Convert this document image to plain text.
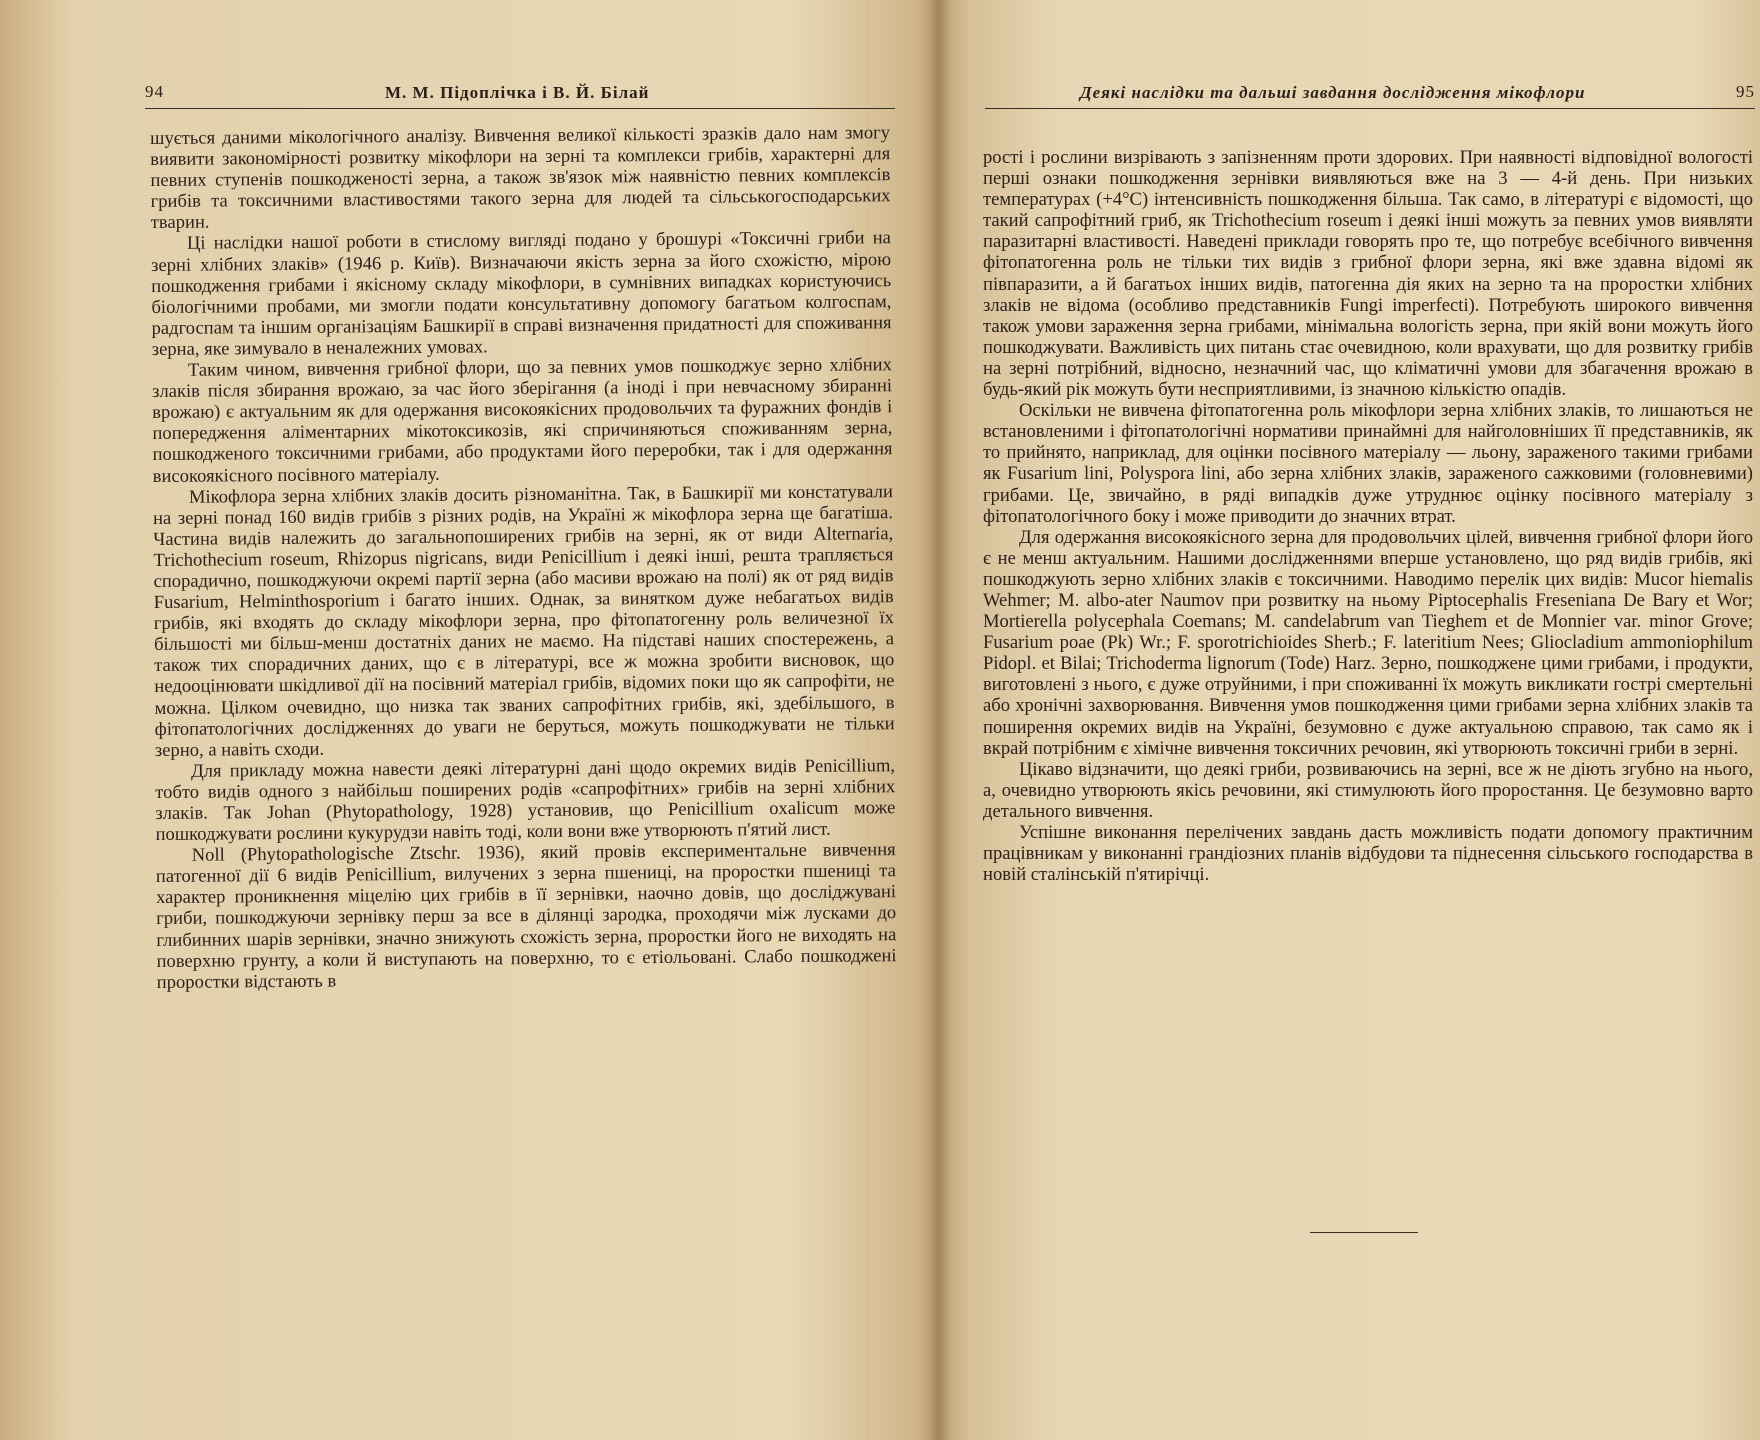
94	М. М. Підоплічка і В. Й. Білай

шується даними мікологічного аналізу. Вивчення великої кількості зразків дало нам змогу виявити закономірності розвитку мікофлори на зерні та комплекси грибів, характерні для певних ступенів пошкодженості зерна, а також зв'язок між наявністю певних комплексів грибів та токсичними властивостями такого зерна для людей та сільськогосподарських тварин.

Ці наслідки нашої роботи в стислому вигляді подано у брошурі «Токсичні гриби на зерні хлібних злаків» (1946 р. Київ). Визначаючи якість зерна за його схожістю, мірою пошкодження грибами і якісному складу мікофлори, в сумнівних випадках користуючись біологічними пробами, ми змогли подати консультативну допомогу багатьом колгоспам, радгоспам та іншим організаціям Башкирії в справі визначення придатності для споживання зерна, яке зимувало в неналежних умовах.

Таким чином, вивчення грибної флори, що за певних умов пошкоджує зерно хлібних злаків після збирання врожаю, за час його зберігання (а іноді і при невчасному збиранні врожаю) є актуальним як для одержання високоякісних продовольчих та фуражних фондів і попередження аліментарних мікотоксикозів, які спричиняються споживанням зерна, пошкодженого токсичними грибами, або продуктами його переробки, так і для одержання високоякісного посівного матеріалу.

Мікофлора зерна хлібних злаків досить різноманітна. Так, в Башкирії ми констатували на зерні понад 160 видів грибів з різних родів, на Україні ж мікофлора зерна ще багатіша. Частина видів належить до загальнопоширених грибів на зерні, як от види Alternaria, Trichothecium roseum, Rhizopus nigricans, види Penicillium і деякі інші, решта трапляється спорадично, пошкоджуючи окремі партії зерна (або масиви врожаю на полі) як от ряд видів Fusarium, Helminthosporium і багато інших. Однак, за винятком дуже небагатьох видів грибів, які входять до складу мікофлори зерна, про фітопатогенну роль величезної їх більшості ми більш-менш достатніх даних не маємо. На підставі наших спостережень, а також тих спорадичних даних, що є в літературі, все ж можна зробити висновок, що недооцінювати шкідливої дії на посівний матеріал грибів, відомих поки що як сапрофіти, не можна. Цілком очевидно, що низка так званих сапрофітних грибів, які, здебільшого, в фітопатологічних дослідженнях до уваги не беруться, можуть пошкоджувати не тільки зерно, а навіть сходи.

Для прикладу можна навести деякі літературні дані щодо окремих видів Penicillium, тобто видів одного з найбільш поширених родів «сапрофітних» грибів на зерні хлібних злаків. Так Johan (Phytopathology, 1928) установив, що Penicillium oxalicum може пошкоджувати рослини кукурудзи навіть тоді, коли вони вже утворюють п'ятий лист.

Noll (Phytopathologische Ztschr. 1936), який провів експериментальне вивчення патогенної дії 6 видів Penicillium, вилучених з зерна пшениці, на проростки пшениці та характер проникнення міцелію цих грибів в її зернівки, наочно довів, що досліджувані гриби, пошкоджуючи зернівку перш за все в ділянці зародка, проходячи між лусками до глибинних шарів зернівки, значно знижують схожість зерна, проростки його не виходять на поверхню грунту, а коли й виступають на поверхню, то є етіольовані. Слабо пошкоджені проростки відстають в

Деякі наслідки та дальші завдання дослідження мікофлори	95

рості і рослини визрівають з запізненням проти здорових. При наявності відповідної вологості перші ознаки пошкодження зернівки виявляються вже на 3 — 4-й день. При низьких температурах (+4°C) інтенсивність пошкодження більша. Так само, в літературі є відомості, що такий сапрофітний гриб, як Trichothecium roseum і деякі інші можуть за певних умов виявляти паразитарні властивості. Наведені приклади говорять про те, що потребує всебічного вивчення фітопатогенна роль не тільки тих видів з грибної флори зерна, які вже здавна відомі як півпаразити, а й багатьох інших видів, патогенна дія яких на зерно та на проростки хлібних злаків не відома (особливо представників Fungi imperfecti). Потребують широкого вивчення також умови зараження зерна грибами, мінімальна вологість зерна, при якій вони можуть його пошкоджувати. Важливість цих питань стає очевидною, коли врахувати, що для розвитку грибів на зерні потрібний, відносно, незначний час, що кліматичні умови для збагачення врожаю в будь-який рік можуть бути несприятливими, із значною кількістю опадів.

Оскільки не вивчена фітопатогенна роль мікофлори зерна хлібних злаків, то лишаються не встановленими і фітопатологічні нормативи принаймні для найголовніших її представників, як то прийнято, наприклад, для оцінки посівного матеріалу — льону, зараженого такими грибами як Fusarium lini, Polyspora lini, або зерна хлібних злаків, зараженого сажковими (головневими) грибами. Це, звичайно, в ряді випадків дуже утруднює оцінку посівного матеріалу з фітопатологічного боку і може приводити до значних втрат.

Для одержання високоякісного зерна для продовольчих цілей, вивчення грибної флори його є не менш актуальним. Нашими дослідженнями вперше установлено, що ряд видів грибів, які пошкоджують зерно хлібних злаків є токсичними. Наводимо перелік цих видів: Mucor hiemalis Wehmer; M. albo-ater Naumov при розвитку на ньому Piptocephalis Freseniana De Bary et Wor; Mortierella polycephala Coemans; M. candelabrum van Tieghem et de Monnier var. minor Grove; Fusarium poae (Pk) Wr.; F. sporotrichioides Sherb.; F. lateritium Nees; Gliocladium ammoniophilum Pidopl. et Bilai; Trichoderma lignorum (Tode) Harz. Зерно, пошкоджене цими грибами, і продукти, виготовлені з нього, є дуже отруйними, і при споживанні їх можуть викликати гострі смертельні або хронічні захворювання. Вивчення умов пошкодження цими грибами зерна хлібних злаків та поширення окремих видів на Україні, безумовно є дуже актуальною справою, так само як і вкрай потрібним є хімічне вивчення токсичних речовин, які утворюють токсичні гриби в зерні.

Цікаво відзначити, що деякі гриби, розвиваючись на зерні, все ж не діють згубно на нього, а, очевидно утворюють якісь речовини, які стимулюють його проростання. Це безумовно варто детального вивчення.

Успішне виконання перелічених завдань дасть можливість подати допомогу практичним працівникам у виконанні грандіозних планів відбудови та піднесення сільського господарства в новій сталінській п'ятирічці.
